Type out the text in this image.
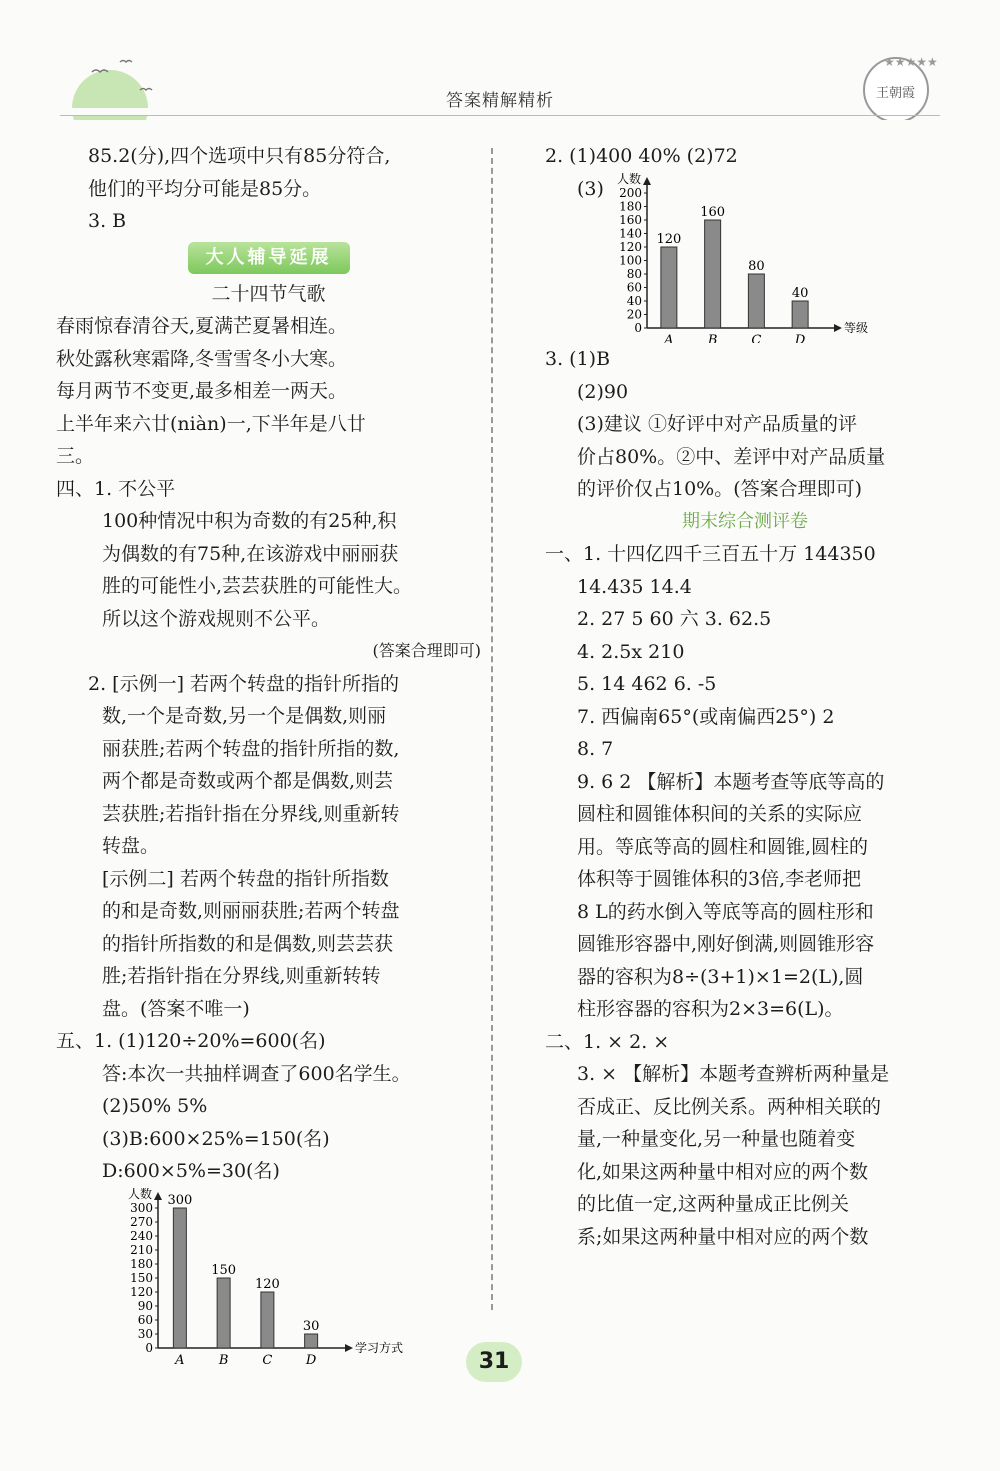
★★★★★
王朝霞
答案精解精析
85.2(分),四个选项中只有85分符合,
他们的平均分可能是85分。
3. B
大人辅导延展
二十四节气歌
春雨惊春清谷天,夏满芒夏暑相连。
秋处露秋寒霜降,冬雪雪冬小大寒。
每月两节不变更,最多相差一两天。
上半年来六廿(niàn)一,下半年是八廿
三。
四、1. 不公平
100种情况中积为奇数的有25种,积
为偶数的有75种,在该游戏中丽丽获
胜的可能性小,芸芸获胜的可能性大。
所以这个游戏规则不公平。
(答案合理即可)
2. [示例一] 若两个转盘的指针所指的
数,一个是奇数,另一个是偶数,则丽
丽获胜;若两个转盘的指针所指的数,
两个都是奇数或两个都是偶数,则芸
芸获胜;若指针指在分界线,则重新转
转盘。
[示例二] 若两个转盘的指针所指数
的和是奇数,则丽丽获胜;若两个转盘
的指针所指数的和是偶数,则芸芸获
胜;若指针指在分界线,则重新转转
盘。(答案不唯一)
五、1. (1)120÷20%=600(名)
答:本次一共抽样调查了600名学生。
(2)50% 5%
(3)B:600×25%=150(名)
D:600×5%=30(名)
人数
学习方式
0
30
60
90
120
150
180
210
240
270
300 300
A
150
B
120
C
30
D
2. (1)400 40% (2)72
(3)	人数
等级
0
20
40
60
80
100
120
140
160
180
200
120
A
160
B
80
C
40
D
3. (1)B
(2)90
(3)建议 ①好评中对产品质量的评
价占80%。②中、差评中对产品质量
的评价仅占10%。(答案合理即可)
期末综合测评卷
一、1. 十四亿四千三百五十万 144350
14.435 14.4
2. 27 5 60 六 3. 62.5
4. 2.5x 210
5. 14 462 6. -5
7. 西偏南65°(或南偏西25°) 2
8. 7
9. 6 2 【解析】本题考查等底等高的
圆柱和圆锥体积间的关系的实际应
用。等底等高的圆柱和圆锥,圆柱的
体积等于圆锥体积的3倍,李老师把
8 L的药水倒入等底等高的圆柱形和
圆锥形容器中,刚好倒满,则圆锥形容
器的容积为8÷(3+1)×1=2(L),圆
柱形容器的容积为2×3=6(L)。
二、1. × 2. ×
3. × 【解析】本题考查辨析两种量是
否成正、反比例关系。两种相关联的
量,一种量变化,另一种量也随着变
化,如果这两种量中相对应的两个数
的比值一定,这两种量成正比例关
系;如果这两种量中相对应的两个数
31
